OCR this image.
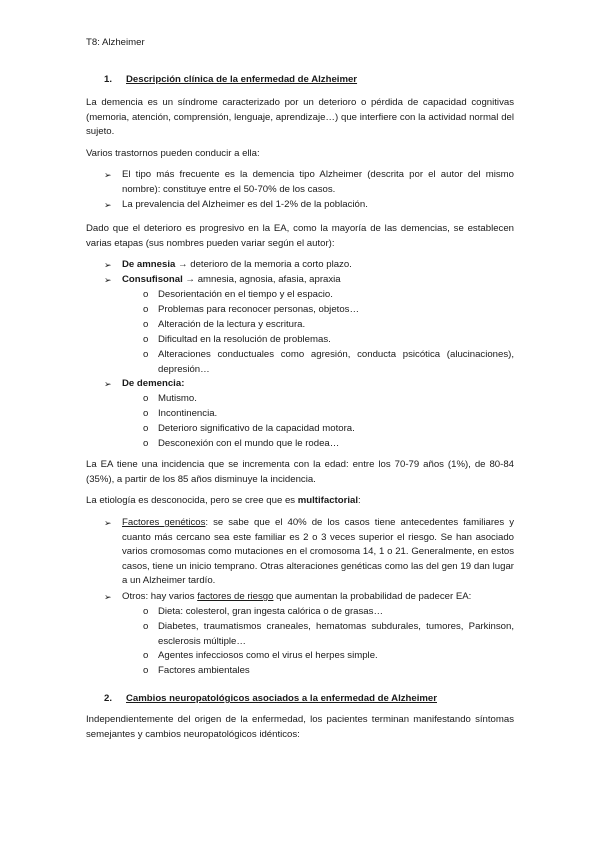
T8: Alzheimer
1. Descripción clínica de la enfermedad de Alzheimer
La demencia es un síndrome caracterizado por un deterioro o pérdida de capacidad cognitivas (memoria, atención, comprensión, lenguaje, aprendizaje…) que interfiere con la actividad normal del sujeto.
Varios trastornos pueden conducir a ella:
➢ El tipo más frecuente es la demencia tipo Alzheimer (descrita por el autor del mismo nombre): constituye entre el 50-70% de los casos.
➢ La prevalencia del Alzheimer es del 1-2% de la población.
Dado que el deterioro es progresivo en la EA, como la mayoría de las demencias, se establecen varias etapas (sus nombres pueden variar según el autor):
➢ De amnesia → deterioro de la memoria a corto plazo.
➢ Consufisonal → amnesia, agnosia, afasia, apraxia
o Desorientación en el tiempo y el espacio.
o Problemas para reconocer personas, objetos…
o Alteración de la lectura y escritura.
o Dificultad en la resolución de problemas.
o Alteraciones conductuales como agresión, conducta psicótica (alucinaciones), depresión…
➢ De demencia:
o Mutismo.
o Incontinencia.
o Deterioro significativo de la capacidad motora.
o Desconexión con el mundo que le rodea…
La EA tiene una incidencia que se incrementa con la edad: entre los 70-79 años (1%), de 80-84 (35%), a partir de los 85 años disminuye la incidencia.
La etiología es desconocida, pero se cree que es multifactorial:
➢ Factores genéticos: se sabe que el 40% de los casos tiene antecedentes familiares y cuanto más cercano sea este familiar es 2 o 3 veces superior el riesgo. Se han asociado varios cromosomas como mutaciones en el cromosoma 14, 1 o 21. Generalmente, en estos casos, tiene un inicio temprano. Otras alteraciones genéticas como las del gen 19 dan lugar a un Alzheimer tardío.
➢ Otros: hay varios factores de riesgo que aumentan la probabilidad de padecer EA:
o Dieta: colesterol, gran ingesta calórica o de grasas…
o Diabetes, traumatismos craneales, hematomas subdurales, tumores, Parkinson, esclerosis múltiple…
o Agentes infecciosos como el virus el herpes simple.
o Factores ambientales
2. Cambios neuropatológicos asociados a la enfermedad de Alzheimer
Independientemente del origen de la enfermedad, los pacientes terminan manifestando síntomas semejantes y cambios neuropatológicos idénticos:
